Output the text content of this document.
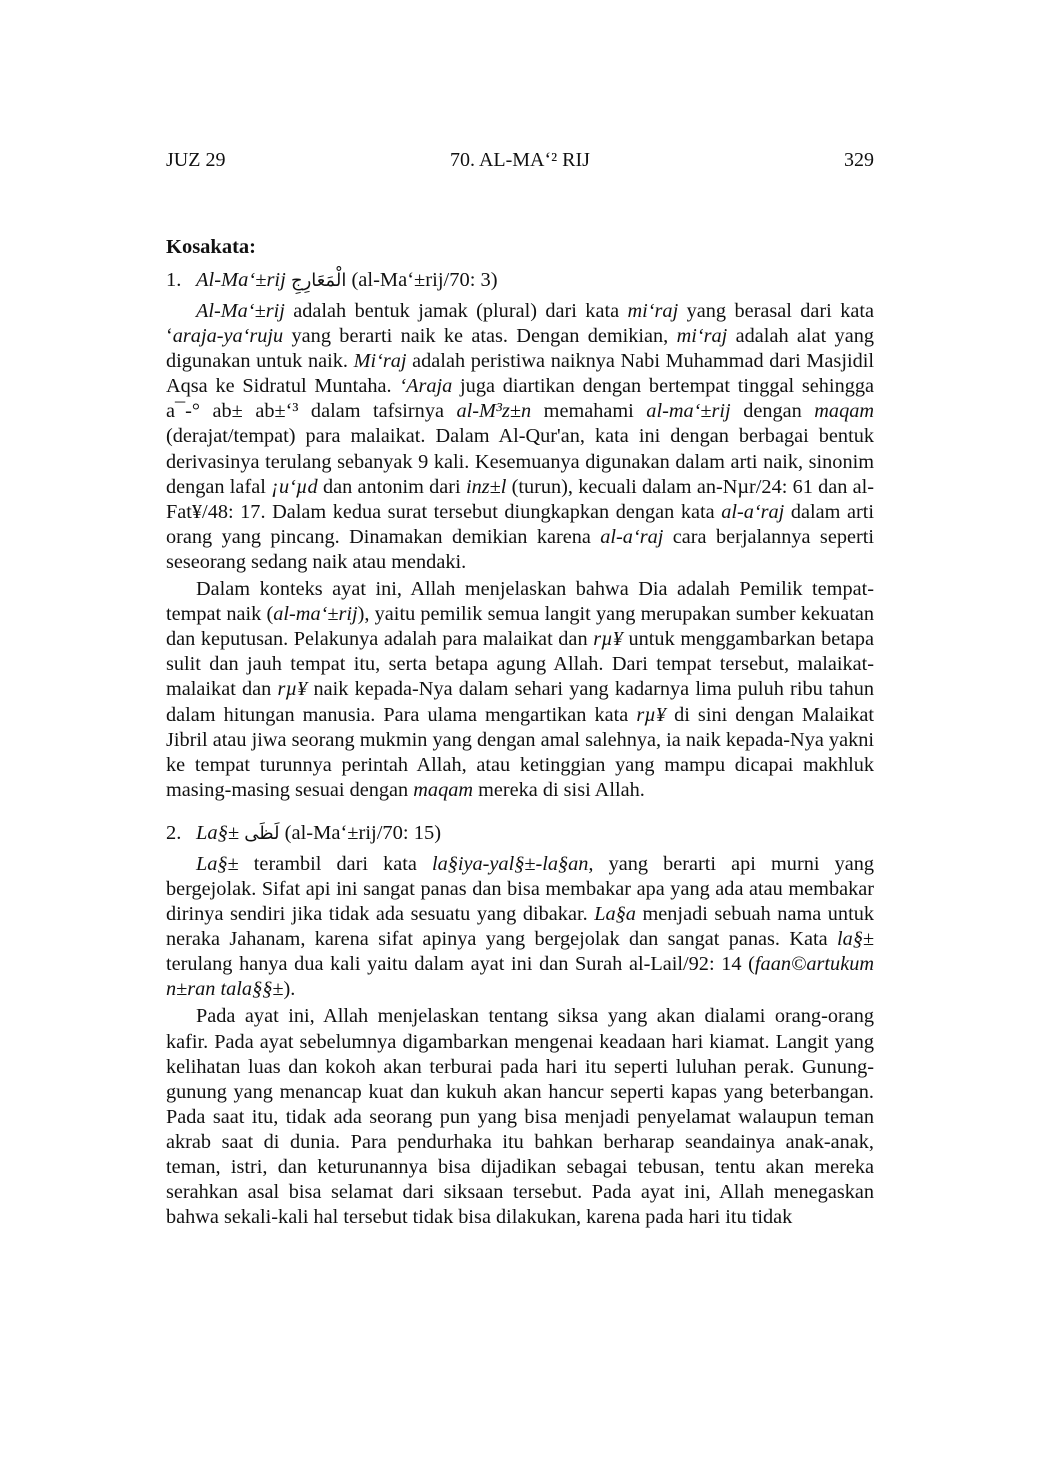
JUZ 29	70. AL-MA‘² RIJ	329
Kosakata:
1. Al-Ma‘±rij الْمَعَارِجِ (al-Ma‘±rij/70: 3)

Al-Ma‘±rij adalah bentuk jamak (plural) dari kata mi‘raj yang berasal dari kata ‘araja-ya‘ruju yang berarti naik ke atas. Dengan demikian, mi‘raj adalah alat yang digunakan untuk naik. Mi‘raj adalah peristiwa naiknya Nabi Muhammad dari Masjidil Aqsa ke Sidratul Muntaha. ‘Araja juga diartikan dengan bertempat tinggal sehingga a¯-° ab± ab±‘³ dalam tafsirnya al-M³z±n memahami al-ma‘±rij dengan maqam (derajat/tempat) para malaikat. Dalam Al-Qur'an, kata ini dengan berbagai bentuk derivasinya terulang sebanyak 9 kali. Kesemuanya digunakan dalam arti naik, sinonim dengan lafal ¡u‘µd dan antonim dari inz±l (turun), kecuali dalam an-Nµr/24: 61 dan al-Fat¥/48: 17. Dalam kedua surat tersebut diungkapkan dengan kata al-a‘raj dalam arti orang yang pincang. Dinamakan demikian karena al-a‘raj cara berjalannya seperti seseorang sedang naik atau mendaki.

Dalam konteks ayat ini, Allah menjelaskan bahwa Dia adalah Pemilik tempat-tempat naik (al-ma‘±rij), yaitu pemilik semua langit yang merupakan sumber kekuatan dan keputusan. Pelakunya adalah para malaikat dan rµ¥ untuk menggambarkan betapa sulit dan jauh tempat itu, serta betapa agung Allah. Dari tempat tersebut, malaikat-malaikat dan rµ¥ naik kepada-Nya dalam sehari yang kadarnya lima puluh ribu tahun dalam hitungan manusia. Para ulama mengartikan kata rµ¥ di sini dengan Malaikat Jibril atau jiwa seorang mukmin yang dengan amal salehnya, ia naik kepada-Nya yakni ke tempat turunnya perintah Allah, atau ketinggian yang mampu dicapai makhluk masing-masing sesuai dengan maqam mereka di sisi Allah.

2. La§± لَظَى (al-Ma‘±rij/70: 15)

La§± terambil dari kata la§iya-yal§±-la§an, yang berarti api murni yang bergejolak. Sifat api ini sangat panas dan bisa membakar apa yang ada atau membakar dirinya sendiri jika tidak ada sesuatu yang dibakar. La§a menjadi sebuah nama untuk neraka Jahanam, karena sifat apinya yang bergejolak dan sangat panas. Kata la§± terulang hanya dua kali yaitu dalam ayat ini dan Surah al-Lail/92: 14 (faan©artukum n±ran tala§§±).

Pada ayat ini, Allah menjelaskan tentang siksa yang akan dialami orang-orang kafir. Pada ayat sebelumnya digambarkan mengenai keadaan hari kiamat. Langit yang kelihatan luas dan kokoh akan terburai pada hari itu seperti luluhan perak. Gunung-gunung yang menancap kuat dan kukuh akan hancur seperti kapas yang beterbangan. Pada saat itu, tidak ada seorang pun yang bisa menjadi penyelamat walaupun teman akrab saat di dunia. Para pendurhaka itu bahkan berharap seandainya anak-anak, teman, istri, dan keturunannya bisa dijadikan sebagai tebusan, tentu akan mereka serahkan asal bisa selamat dari siksaan tersebut. Pada ayat ini, Allah menegaskan bahwa sekali-kali hal tersebut tidak bisa dilakukan, karena pada hari itu tidak
